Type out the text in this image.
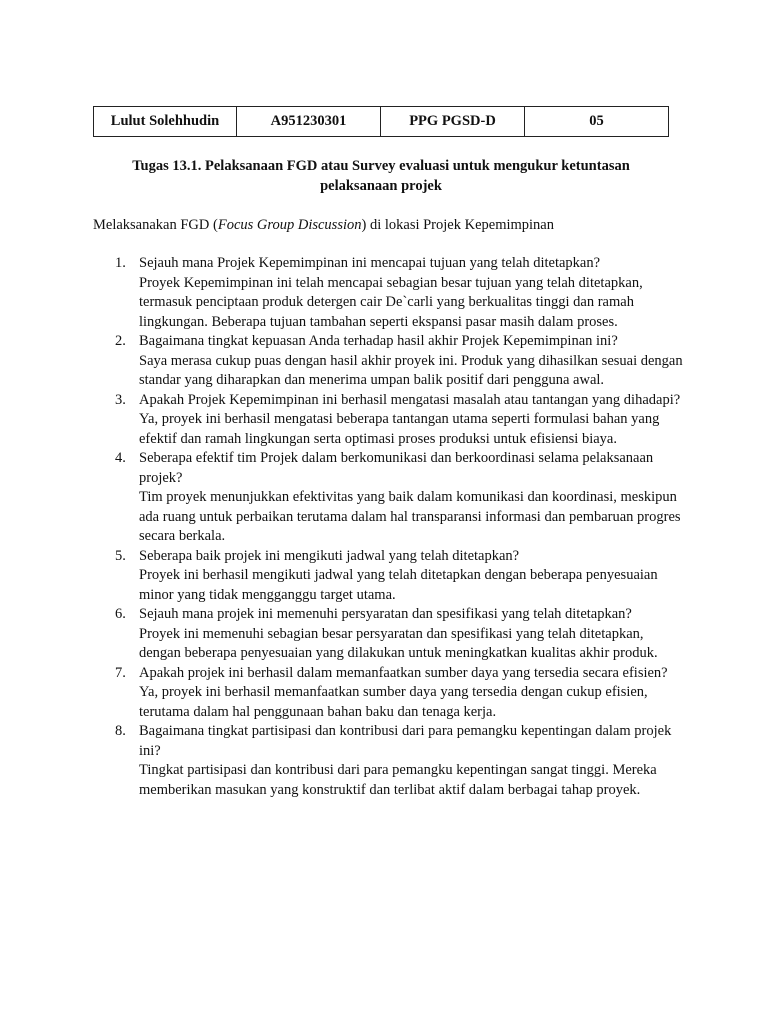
Lulut Solehhudin	A951230301	PPG PGSD-D	05
Tugas 13.1. Pelaksanaan FGD atau Survey evaluasi untuk mengukur ketuntasan
pelaksanaan projek
Melaksanakan FGD (Focus Group Discussion) di lokasi Projek Kepemimpinan
1. Sejauh mana Projek Kepemimpinan ini mencapai tujuan yang telah ditetapkan?
Proyek Kepemimpinan ini telah mencapai sebagian besar tujuan yang telah ditetapkan, termasuk penciptaan produk detergen cair De`carli yang berkualitas tinggi dan ramah lingkungan. Beberapa tujuan tambahan seperti ekspansi pasar masih dalam proses.
2. Bagaimana tingkat kepuasan Anda terhadap hasil akhir Projek Kepemimpinan ini?
Saya merasa cukup puas dengan hasil akhir proyek ini. Produk yang dihasilkan sesuai dengan standar yang diharapkan dan menerima umpan balik positif dari pengguna awal.
3. Apakah Projek Kepemimpinan ini berhasil mengatasi masalah atau tantangan yang dihadapi?
Ya, proyek ini berhasil mengatasi beberapa tantangan utama seperti formulasi bahan yang efektif dan ramah lingkungan serta optimasi proses produksi untuk efisiensi biaya.
4. Seberapa efektif tim Projek dalam berkomunikasi dan berkoordinasi selama pelaksanaan projek?
Tim proyek menunjukkan efektivitas yang baik dalam komunikasi dan koordinasi, meskipun ada ruang untuk perbaikan terutama dalam hal transparansi informasi dan pembaruan progres secara berkala.
5. Seberapa baik projek ini mengikuti jadwal yang telah ditetapkan?
Proyek ini berhasil mengikuti jadwal yang telah ditetapkan dengan beberapa penyesuaian minor yang tidak mengganggu target utama.
6. Sejauh mana projek ini memenuhi persyaratan dan spesifikasi yang telah ditetapkan?
Proyek ini memenuhi sebagian besar persyaratan dan spesifikasi yang telah ditetapkan, dengan beberapa penyesuaian yang dilakukan untuk meningkatkan kualitas akhir produk.
7. Apakah projek ini berhasil dalam memanfaatkan sumber daya yang tersedia secara efisien?
Ya, proyek ini berhasil memanfaatkan sumber daya yang tersedia dengan cukup efisien, terutama dalam hal penggunaan bahan baku dan tenaga kerja.
8. Bagaimana tingkat partisipasi dan kontribusi dari para pemangku kepentingan dalam projek ini?
Tingkat partisipasi dan kontribusi dari para pemangku kepentingan sangat tinggi. Mereka memberikan masukan yang konstruktif dan terlibat aktif dalam berbagai tahap proyek.
